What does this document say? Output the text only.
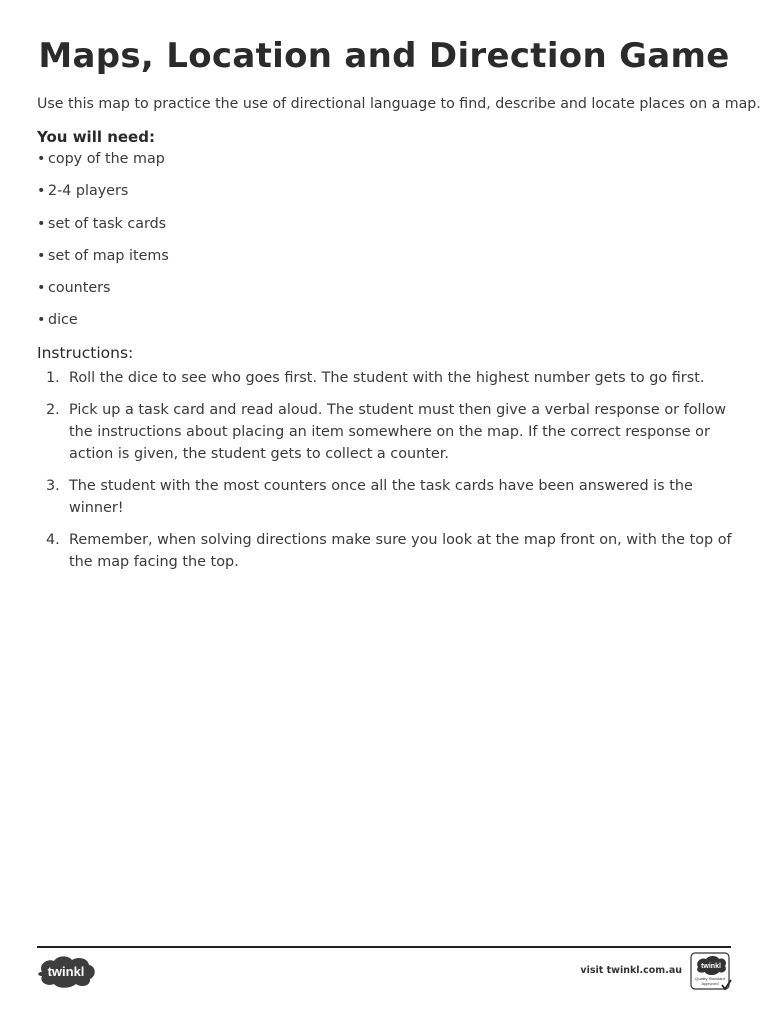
Maps, Location and Direction Game
Use this map to practice the use of directional language to find, describe and locate places on a map.
You will need:
• copy of the map
• 2-4 players
• set of task cards
• set of map items
• counters
• dice
Instructions:
1. Roll the dice to see who goes first. The student with the highest number gets to go first.
2. Pick up a task card and read aloud. The student must then give a verbal response or follow the instructions about placing an item somewhere on the map. If the correct response or action is given, the student gets to collect a counter.
3. The student with the most counters once all the task cards have been answered is the winner!
4. Remember, when solving directions make sure you look at the map front on, with the top of the map facing the top.
twinkl	visit twinkl.com.au	twinkl
Quality Standard
Approved
